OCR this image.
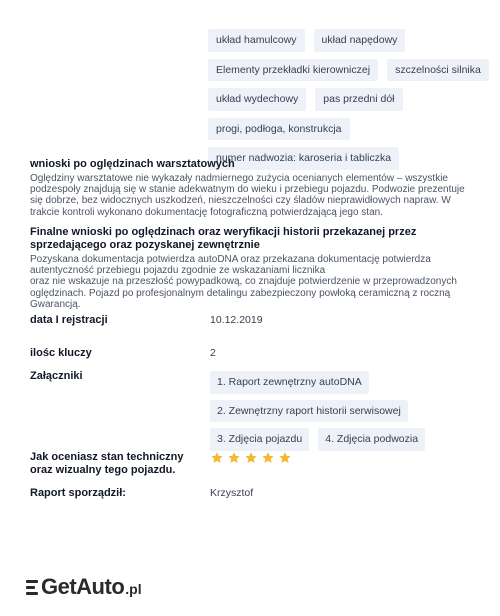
układ hamulcowy	układ napędowy
Elementy przekładki kierowniczej	szczelności silnika
układ wydechowy	pas przedni dół
progi, podłoga, konstrukcja
numer nadwozia: karoseria i tabliczka
wnioski po oględzinach warsztatowych
Oględziny warsztatowe nie wykazały nadmiernego zużycia ocenianych elementów – wszystkie podzespoły znajdują się w stanie adekwatnym do wieku i przebiegu pojazdu. Podwozie prezentuje się dobrze, bez widocznych uszkodzeń, nieszczelności czy śladów nieprawidłowych napraw. W trakcie kontroli wykonano dokumentację fotograficzną potwierdzającą jego stan.
Finalne wnioski po oględzinach oraz weryfikacji historii przekazanej przez sprzedającego oraz pozyskanej zewnętrznie
Pozyskana dokumentacja potwierdza autoDNA oraz przekazana dokumentację potwierdza autentyczność przebiegu pojazdu zgodnie ze wskazaniami licznika
oraz nie wskazuje na przeszłość powypadkową, co znajduje potwierdzenie w przeprowadzonych oględzinach. Pojazd po profesjonalnym detalingu zabezpieczony powłoką ceramiczną z roczną Gwarancją.
data I rejstracji	10.12.2019
ilośc kluczy	2
Załączniki	1. Raport zewnętrzny autoDNA
2. Zewnętrzny raport historii serwisowej
3. Zdjęcia pojazdu	4. Zdjęcia podwozia
Jak oceniasz stan techniczny oraz wizualny tego pojazdu.
Raport sporządził:	Krzysztof
GetAuto .pl
